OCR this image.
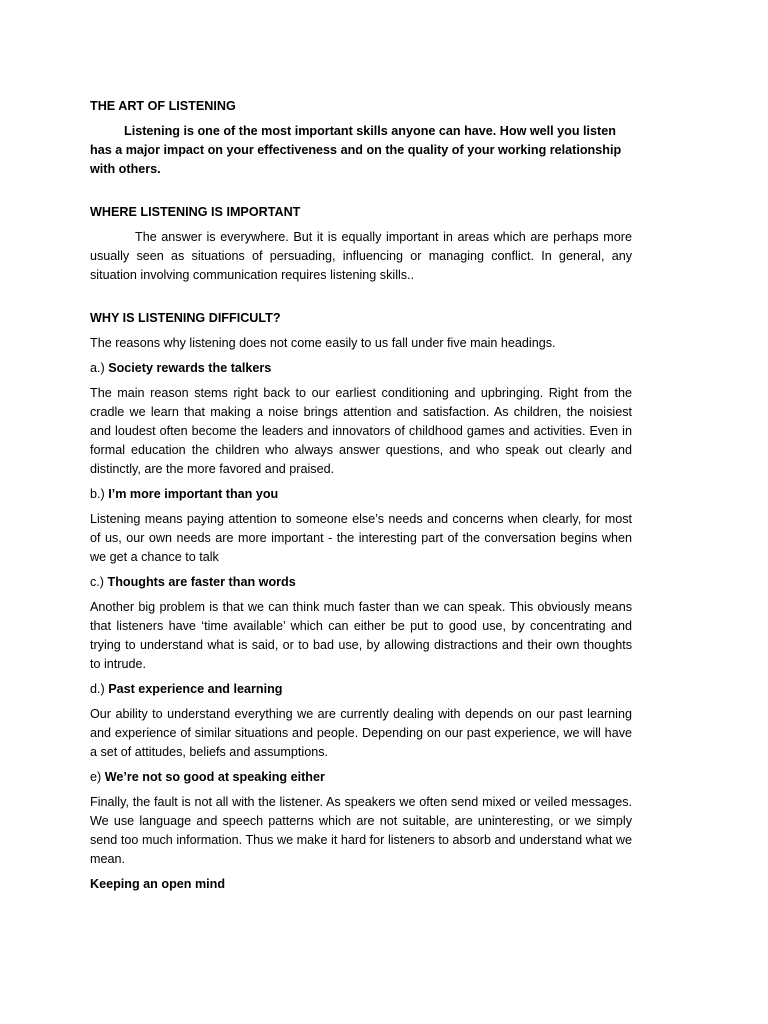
THE ART OF LISTENING

Listening is one of the most important skills anyone can have. How well you listen has a major impact on your effectiveness and on the quality of your working relationship with others.

WHERE LISTENING IS IMPORTANT

The answer is everywhere. But it is equally important in areas which are perhaps more usually seen as situations of persuading, influencing or managing conflict. In general, any situation involving communication requires listening skills..

WHY IS LISTENING DIFFICULT?

The reasons why listening does not come easily to us fall under five main headings.

a.) Society rewards the talkers

The main reason stems right back to our earliest conditioning and upbringing. Right from the cradle we learn that making a noise brings attention and satisfaction. As children, the noisiest and loudest often become the leaders and innovators of childhood games and activities. Even in formal education the children who always answer questions, and who speak out clearly and distinctly, are the more favored and praised.

b.) I’m more important than you

Listening means paying attention to someone else’s needs and concerns when clearly, for most of us, our own needs are more important - the interesting part of the conversation begins when we get a chance to talk

c.) Thoughts are faster than words

Another big problem is that we can think much faster than we can speak. This obviously means that listeners have ‘time available’ which can either be put to good use, by concentrating and trying to understand what is said, or to bad use, by allowing distractions and their own thoughts to intrude.

d.) Past experience and learning

Our ability to understand everything we are currently dealing with depends on our past learning and experience of similar situations and people. Depending on our past experience, we will have a set of attitudes, beliefs and assumptions.

e) We’re not so good at speaking either

Finally, the fault is not all with the listener. As speakers we often send mixed or veiled messages. We use language and speech patterns which are not suitable, are uninteresting, or we simply send too much information. Thus we make it hard for listeners to absorb and understand what we mean.

Keeping an open mind
